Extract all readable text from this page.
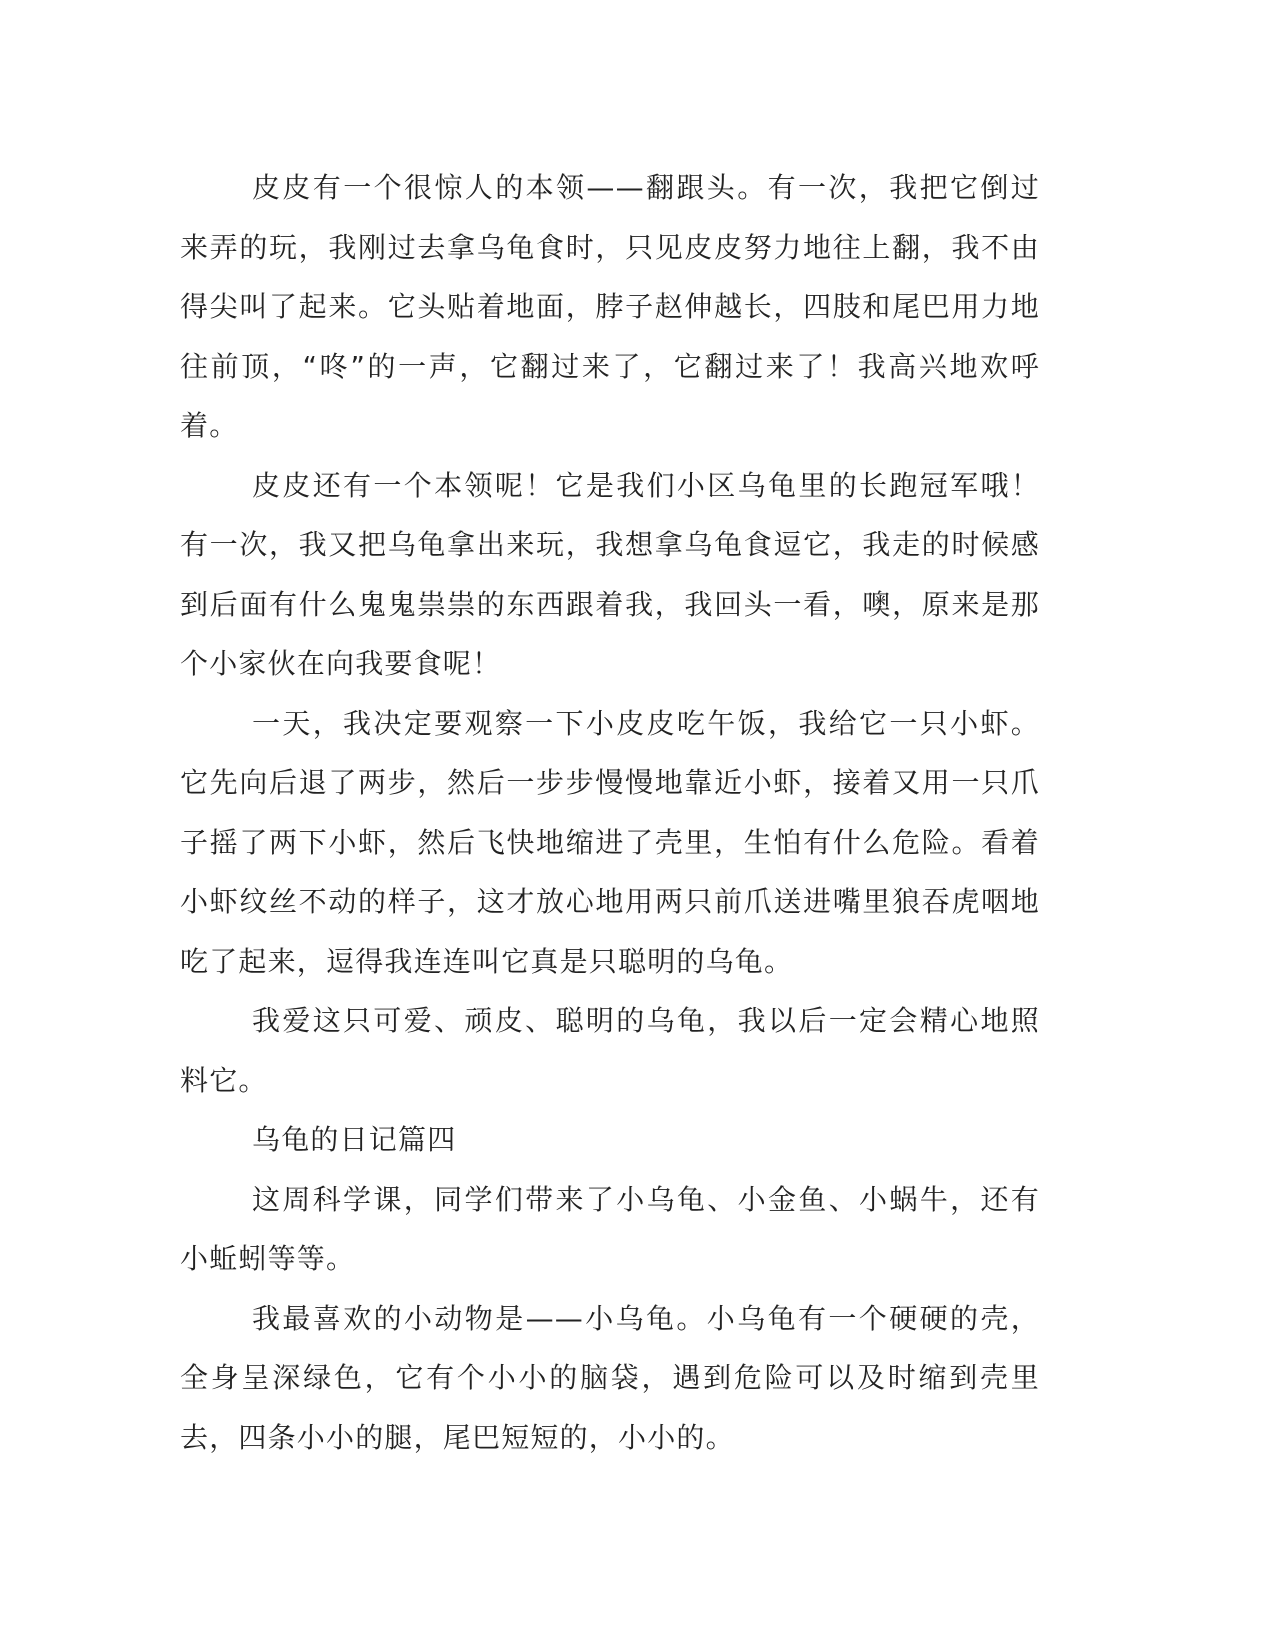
皮皮有一个很惊人的本领——翻跟头。有一次，我把它倒过来弄的玩，我刚过去拿乌龟食时，只见皮皮努力地往上翻，我不由得尖叫了起来。它头贴着地面，脖子赵伸越长，四肢和尾巴用力地往前顶，“咚”的一声，它翻过来了，它翻过来了！我高兴地欢呼着。

皮皮还有一个本领呢！它是我们小区乌龟里的长跑冠军哦！有一次，我又把乌龟拿出来玩，我想拿乌龟食逗它，我走的时候感到后面有什么鬼鬼祟祟的东西跟着我，我回头一看，噢，原来是那个小家伙在向我要食呢！

一天，我决定要观察一下小皮皮吃午饭，我给它一只小虾。它先向后退了两步，然后一步步慢慢地靠近小虾，接着又用一只爪子摇了两下小虾，然后飞快地缩进了壳里，生怕有什么危险。看着小虾纹丝不动的样子，这才放心地用两只前爪送进嘴里狼吞虎咽地吃了起来，逗得我连连叫它真是只聪明的乌龟。

我爱这只可爱、顽皮、聪明的乌龟，我以后一定会精心地照料它。

乌龟的日记篇四

这周科学课，同学们带来了小乌龟、小金鱼、小蜗牛，还有小蚯蚓等等。

我最喜欢的小动物是——小乌龟。小乌龟有一个硬硬的壳，全身呈深绿色，它有个小小的脑袋，遇到危险可以及时缩到壳里去，四条小小的腿，尾巴短短的，小小的。
